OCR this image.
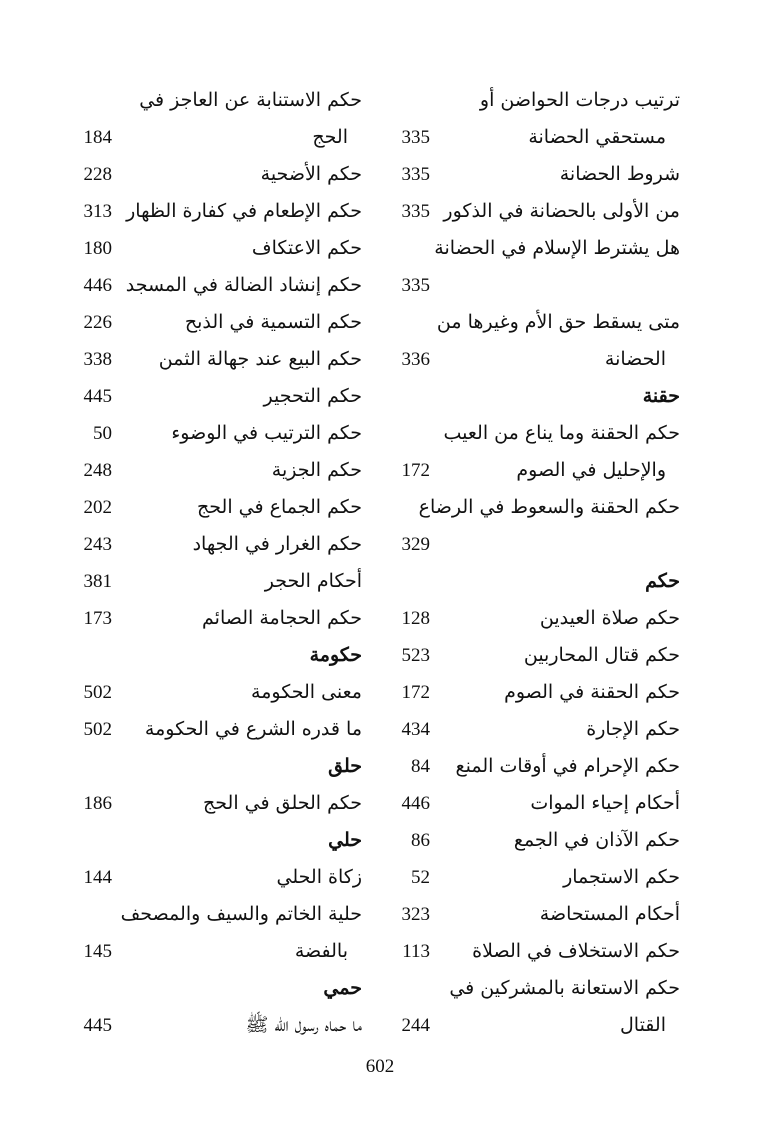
ترتيب درجات الحواضن أو
مستحقي الحضانة
335
شروط الحضانة
335
من الأولى بالحضانة في الذكور
335
هل يشترط الإسلام في الحضانة
335
متى يسقط حق الأم وغيرها من
الحضانة
336
حقنة
حكم الحقنة وما يناع من العيب
والإحليل في الصوم
172
حكم الحقنة والسعوط في الرضاع
329
حكم
حكم صلاة العيدين
128
حكم قتال المحاربين
523
حكم الحقنة في الصوم
172
حكم الإجارة
434
حكم الإحرام في أوقات المنع
84
أحكام إحياء الموات
446
حكم الآذان في الجمع
86
حكم الاستجمار
52
أحكام المستحاضة
323
حكم الاستخلاف في الصلاة
113
حكم الاستعانة بالمشركين في
القتال
244
حكم الاستنابة عن العاجز في
الحج
184
حكم الأضحية
228
حكم الإطعام في كفارة الظهار
313
حكم الاعتكاف
180
حكم إنشاد الضالة في المسجد
446
حكم التسمية في الذبح
226
حكم البيع عند جهالة الثمن
338
حكم التحجير
445
حكم الترتيب في الوضوء
50
حكم الجزية
248
حكم الجماع في الحج
202
حكم الغرار في الجهاد
243
أحكام الحجر
381
حكم الحجامة الصائم
173
حكومة
معنى الحكومة
502
ما قدره الشرع في الحكومة
502
حلق
حكم الحلق في الحج
186
حلي
زكاة الحلي
144
حلية الخاتم والسيف والمصحف
بالفضة
145
حمي
ما حماه رسول الله ﷺ
445
602
